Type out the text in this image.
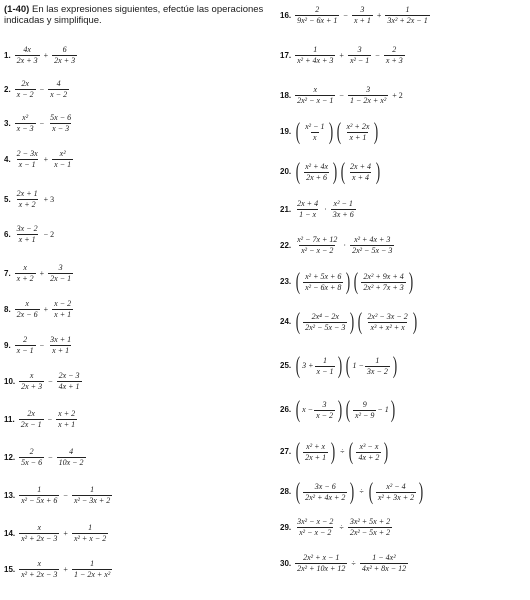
(1-40) En las expresiones siguientes, efectúe las operaciones indicadas y simplifique.
1. $\frac{4x}{2x + 3} + \frac{6}{2x + 3}$
2. $\frac{2x}{x - 2} - \frac{4}{x - 2}$
3. $\frac{\text{x²}}{x - 3} - \frac{5x - 6}{x - 3}$
4. $\frac{2 - 3x}{x - 1} + \frac{\text{x²}}{x - 1}$
5. $\frac{2x + 1}{x + 2} + 3$
6. $\frac{3x - 2}{x + 1} - 2$
7. $\frac{x}{x + 2} + \frac{3}{2x - 1}$
8. $\frac{x}{2x - 6} + \frac{x - 2}{x + 1}$
9. $\frac{2}{x - 1} - \frac{3x + 1}{x + 1}$
10. $\frac{x}{2x + 3} - \frac{2x - 3}{4x + 1}$
11. $\frac{2x}{2x - 1} - \frac{x + 2}{x + 1}$
12. $\frac{2}{5x - 6} - \frac{4}{10x - 2}$
13. $\frac{1}{\text{x² − 5x + 6}} - \frac{1}{\text{x² − 3x + 2}}$
14. $\frac{x}{\text{x² + 2x − 3}} + \frac{1}{\text{x² + x − 2}}$
15. $\frac{x}{\text{x² + 2x − 3}} + \frac{1}{\text{1 − 2x + x²}}$
16. $\frac{2}{\text{9x² − 6x + 1}} - \frac{3}{x + 1} + \frac{1}{\text{3x² + 2x − 1}}$
17. $\frac{1}{\text{x² + 4x + 3}} + \frac{3}{\text{x² − 1}} - \frac{2}{x + 3}$
18. $\frac{x}{\text{2x² − x − 1}} - \frac{3}{\text{1 − 2x + x²}} + 2$
19. ( $\frac{\text{x² − 1}}{x}$ ) ( $\frac{\text{x² + 2x}}{x + 1}$ )
20. ( $\frac{\text{x² + 4x}}{2x + 6}$ ) ( $\frac{2x + 4}{x + 4}$ )
21. $\frac{2x + 4}{1 - x} \cdot \frac{\text{x² − 1}}{3x + 6}$
22. $\frac{\text{x² − 7x + 12}}{\text{x² − x − 2}} \cdot \frac{\text{x² + 4x + 3}}{\text{2x² − 5x − 3}}$
23. ( $\frac{\text{x² + 5x + 6}}{\text{x² − 6x + 8}}$ ) ( $\frac{\text{2x² + 9x + 4}}{\text{2x² + 7x + 3}}$ )
24. ( $\frac{\text{2x⁴ − 2x}}{\text{2x² − 5x − 3}}$ ) ( $\frac{\text{2x² − 3x − 2}}{\text{x³ + x² + x}}$ )
25. ( $3 + \frac{1}{x - 1}$ ) ( $1 - \frac{1}{3x - 2}$ )
26. ( $x - \frac{3}{x - 2}$ ) ( $\frac{9}{\text{x² − 9}} - 1$ )
27. ( $\frac{\text{x² + x}}{2x + 1}$ ) ÷ ( $\frac{\text{x³ − x}}{4x + 2}$ )
28. ( $\frac{3x - 6}{\text{2x² + 4x + 2}}$ ) ÷ ( $\frac{\text{x² − 4}}{\text{x² + 3x + 2}}$ )
29. $\frac{\text{3x² − x − 2}}{\text{x² − x − 2}} \div \frac{\text{3x² + 5x + 2}}{\text{2x² − 5x + 2}}$
30. $\frac{\text{2x² + x − 1}}{\text{2x² + 10x + 12}} \div \frac{\text{1 − 4x²}}{\text{4x² + 8x − 12}}$
